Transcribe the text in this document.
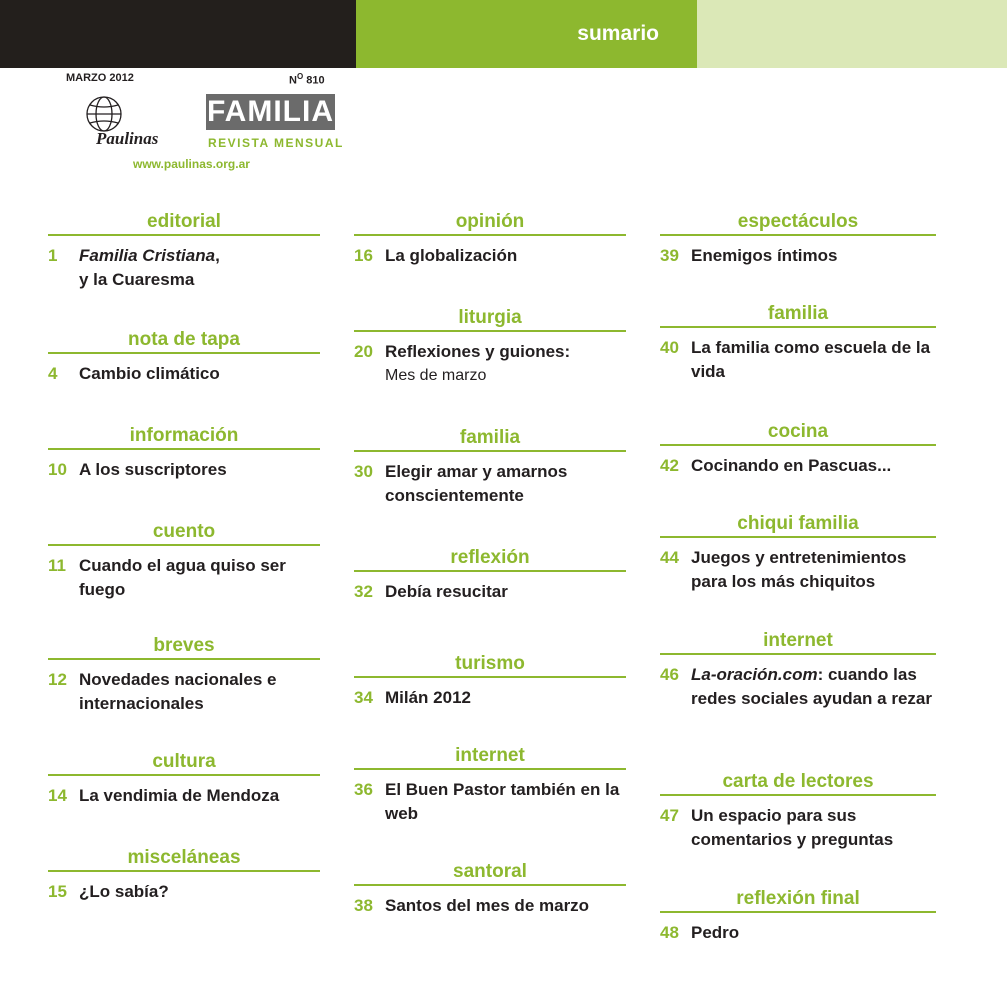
sumario
MARZO 2012	$N^O$ 810
Paulinas
FAMILIA
REVISTA MENSUAL
www.paulinas.org.ar
editorial
1	Familia Cristiana,
y la Cuaresma
nota de tapa
4	Cambio climático
información
10 A los suscriptores
cuento
11 Cuando el agua quiso ser fuego
breves
12 Novedades nacionales e internacionales
cultura
14 La vendimia de Mendoza
misceláneas
15 ¿Lo sabía?
opinión
16 La globalización
liturgia
20 Reflexiones y guiones:
Mes de marzo
familia
30 Elegir amar y amarnos conscientemente
reflexión
32 Debía resucitar
turismo
34 Milán 2012
internet
36 El Buen Pastor también en la web
santoral
38 Santos del mes de marzo
espectáculos
39 Enemigos íntimos
familia
40 La familia como escuela de la vida
cocina
42 Cocinando en Pascuas...
chiqui familia
44 Juegos y entretenimientos para los más chiquitos
internet
46 La-oración.com: cuando las redes sociales ayudan a rezar
carta de lectores
47 Un espacio para sus comentarios y preguntas
reflexión final
48 Pedro
